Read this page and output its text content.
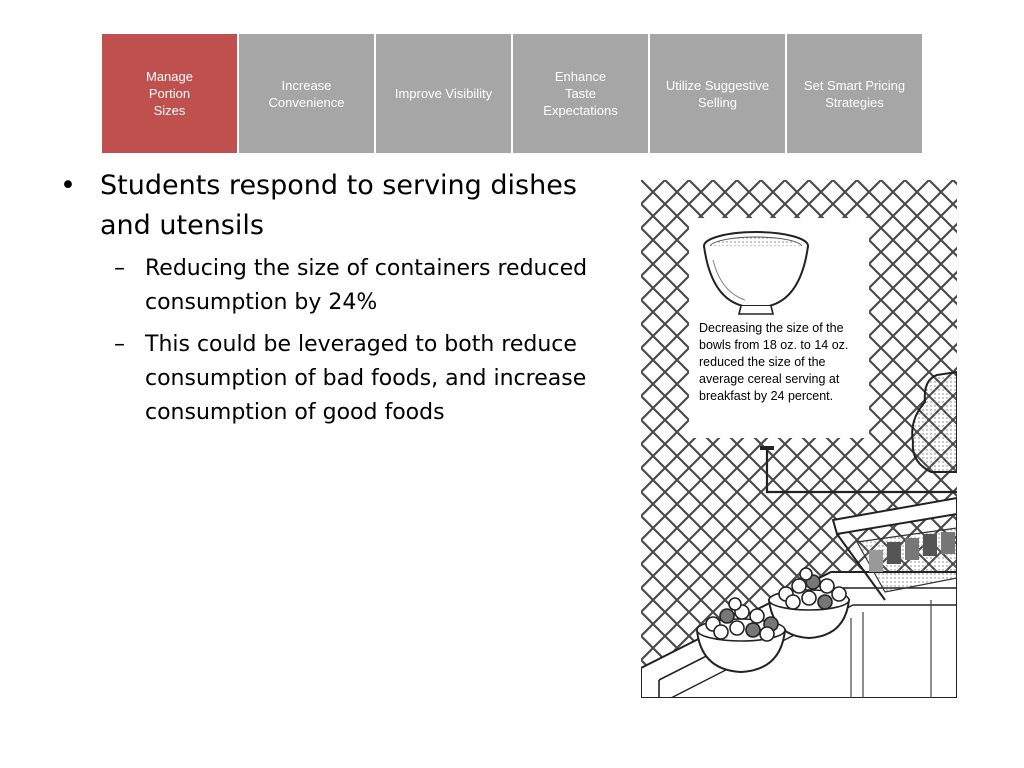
Manage
Portion
Sizes
Increase
Convenience
Improve Visibility
Enhance
Taste
Expectations
Utilize Suggestive
Selling
Set Smart Pricing
Strategies
• Students respond to serving dishes and utensils
– Reducing the size of containers reduced consumption by 24%
– This could be leveraged to both reduce consumption of bad foods, and increase consumption of good foods
Decreasing the size of the bowls from 18 oz. to 14 oz. reduced the size of the average cereal serving at breakfast by 24 percent.
